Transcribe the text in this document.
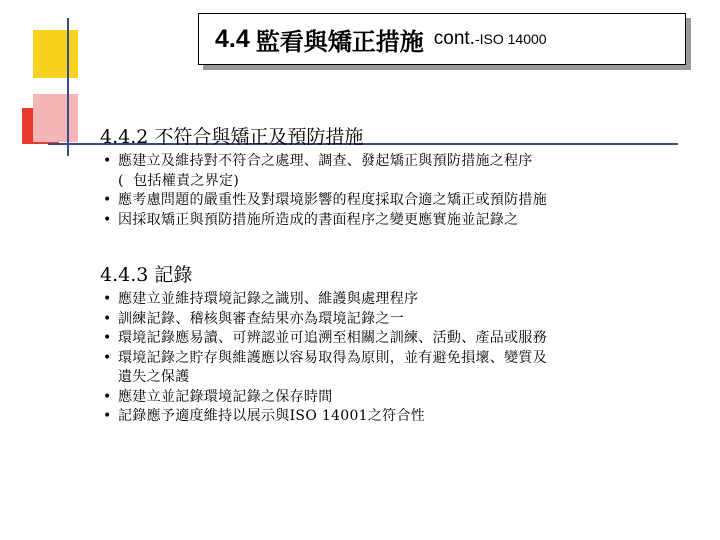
4.4 監看與矯正措施 cont. -ISO 14000
4.4.2 不符合與矯正及預防措施
• 應建立及維持對不符合之處理、調查、發起矯正與預防措施之程序
(  包括權責之界定)
• 應考慮問題的嚴重性及對環境影響的程度採取合適之矯正或預防措施
• 因採取矯正與預防措施所造成的書面程序之變更應實施並記錄之
4.4.3 記錄
• 應建立並維持環境記錄之識別、維護與處理程序
• 訓練記錄、稽核與審查結果亦為環境記錄之一
• 環境記錄應易讀、可辨認並可追溯至相關之訓練、活動、產品或服務
• 環境記錄之貯存與維護應以容易取得為原則，並有避免損壞、變質及
遺失之保護
• 應建立並記錄環境記錄之保存時間
• 記錄應予適度維持以展示與ISO 14001之符合性
